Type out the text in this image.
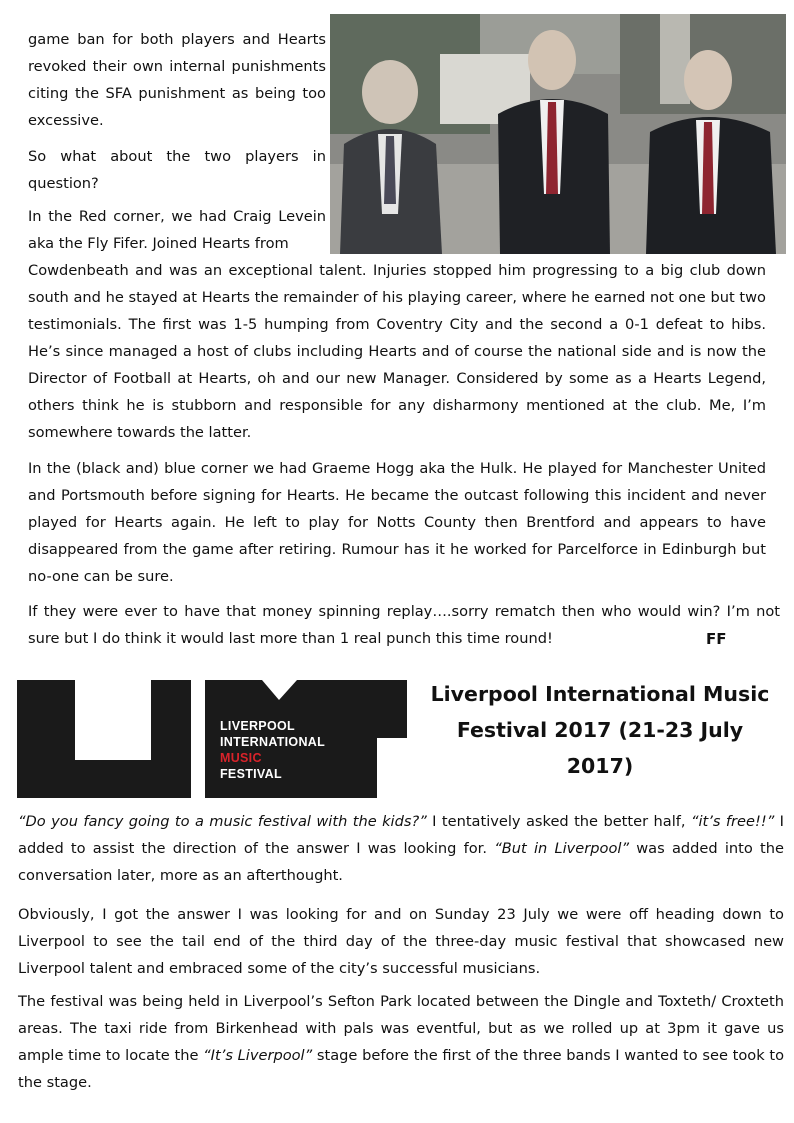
game ban for both players and Hearts revoked their own internal punishments citing the SFA punishment as being too excessive.

So what about the two players in question?

In the Red corner, we had Craig Levein aka the Fly Fifer. Joined Hearts from

Cowdenbeath and was an exceptional talent. Injuries stopped him progressing to a big club down south and he stayed at Hearts the remainder of his playing career, where he earned not one but two testimonials. The first was 1-5 humping from Coventry City and the second a 0-1 defeat to hibs. He’s since managed a host of clubs including Hearts and of course the national side and is now the Director of Football at Hearts, oh and our new Manager. Considered by some as a Hearts Legend, others think he is stubborn and responsible for any disharmony mentioned at the club. Me, I’m somewhere towards the latter.

In the (black and) blue corner we had Graeme Hogg aka the Hulk. He played for Manchester United and Portsmouth before signing for Hearts. He became the outcast following this incident and never played for Hearts again. He left to play for Notts County then Brentford and appears to have disappeared from the game after retiring. Rumour has it he worked for Parcelforce in Edinburgh but no-one can be sure.

If they were ever to have that money spinning replay….sorry rematch then who would win? I’m not sure but I do think it would last more than 1 real punch this time round!	FF
LIVERPOOL
INTERNATIONAL
MUSIC
FESTIVAL
Liverpool International Music
Festival 2017 (21-23 July
2017)

“Do you fancy going to a music festival with the kids?” I tentatively asked the better half, “it’s free!!” I added to assist the direction of the answer I was looking for. “But in Liverpool” was added into the conversation later, more as an afterthought.

Obviously, I got the answer I was looking for and on Sunday 23 July we were off heading down to Liverpool to see the tail end of the third day of the three-day music festival that showcased new Liverpool talent and embraced some of the city’s successful musicians.

The festival was being held in Liverpool’s Sefton Park located between the Dingle and Toxteth/ Croxteth areas. The taxi ride from Birkenhead with pals was eventful, but as we rolled up at 3pm it gave us ample time to locate the “It’s Liverpool” stage before the first of the three bands I wanted to see took to the stage.
